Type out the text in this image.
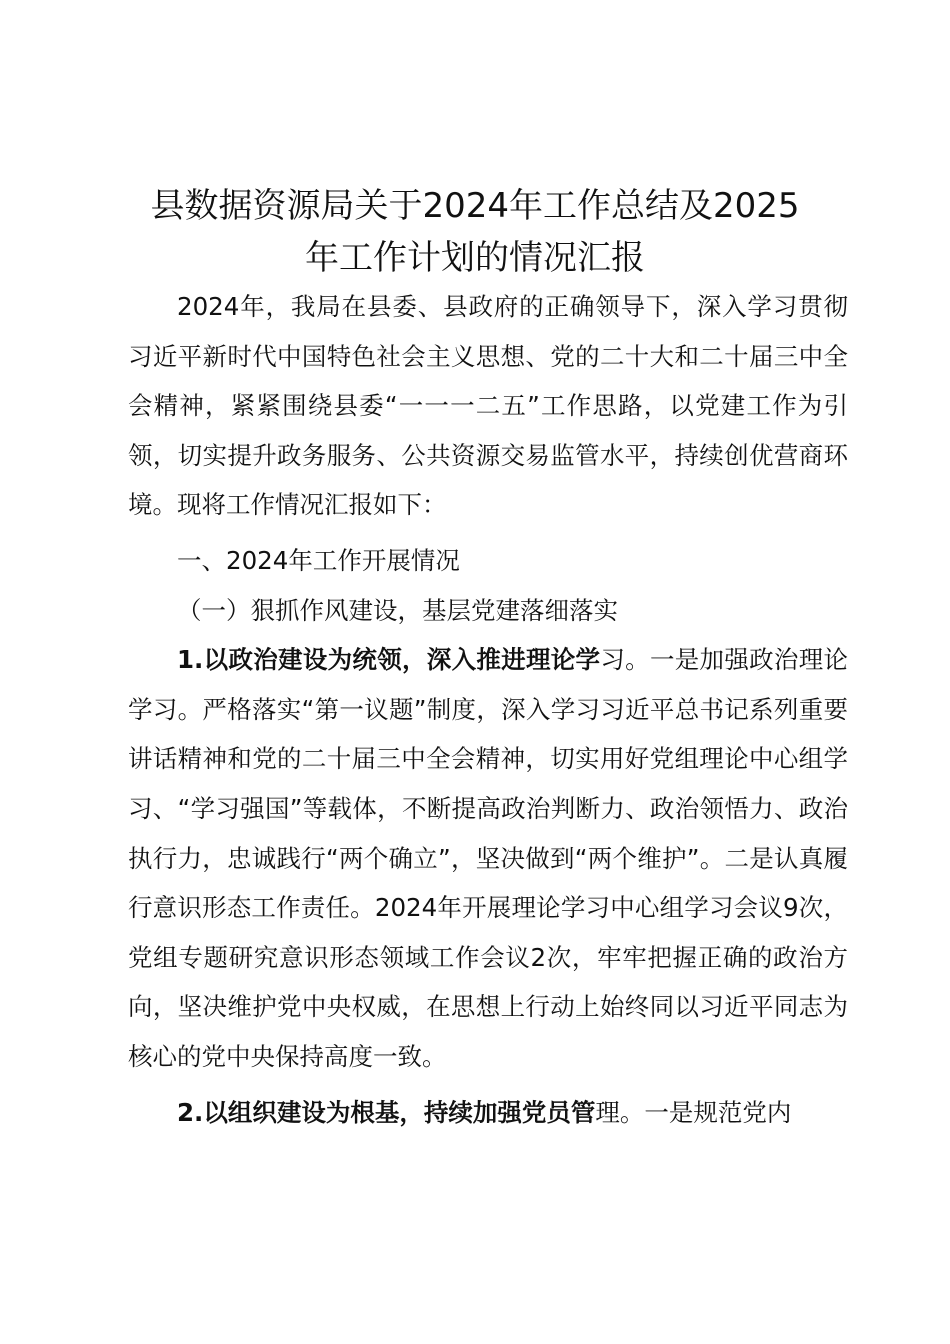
县数据资源局关于2024年工作总结及2025
年工作计划的情况汇报

2024年，我局在县委、县政府的正确领导下，深入学习贯彻习近平新时代中国特色社会主义思想、党的二十大和二十届三中全会精神，紧紧围绕县委“一一一二五”工作思路，以党建工作为引领，切实提升政务服务、公共资源交易监管水平，持续创优营商环境。现将工作情况汇报如下：

一、2024年工作开展情况

（一）狠抓作风建设，基层党建落细落实

1.以政治建设为统领，深入推进理论学习。一是加强政治理论学习。严格落实“第一议题”制度，深入学习习近平总书记系列重要讲话精神和党的二十届三中全会精神，切实用好党组理论中心组学习、“学习强国”等载体，不断提高政治判断力、政治领悟力、政治执行力，忠诚践行“两个确立”，坚决做到“两个维护”。二是认真履行意识形态工作责任。2024年开展理论学习中心组学习会议9次，党组专题研究意识形态领域工作会议2次，牢牢把握正确的政治方向，坚决维护党中央权威，在思想上行动上始终同以习近平同志为核心的党中央保持高度一致。

2.以组织建设为根基，持续加强党员管理。一是规范党内
